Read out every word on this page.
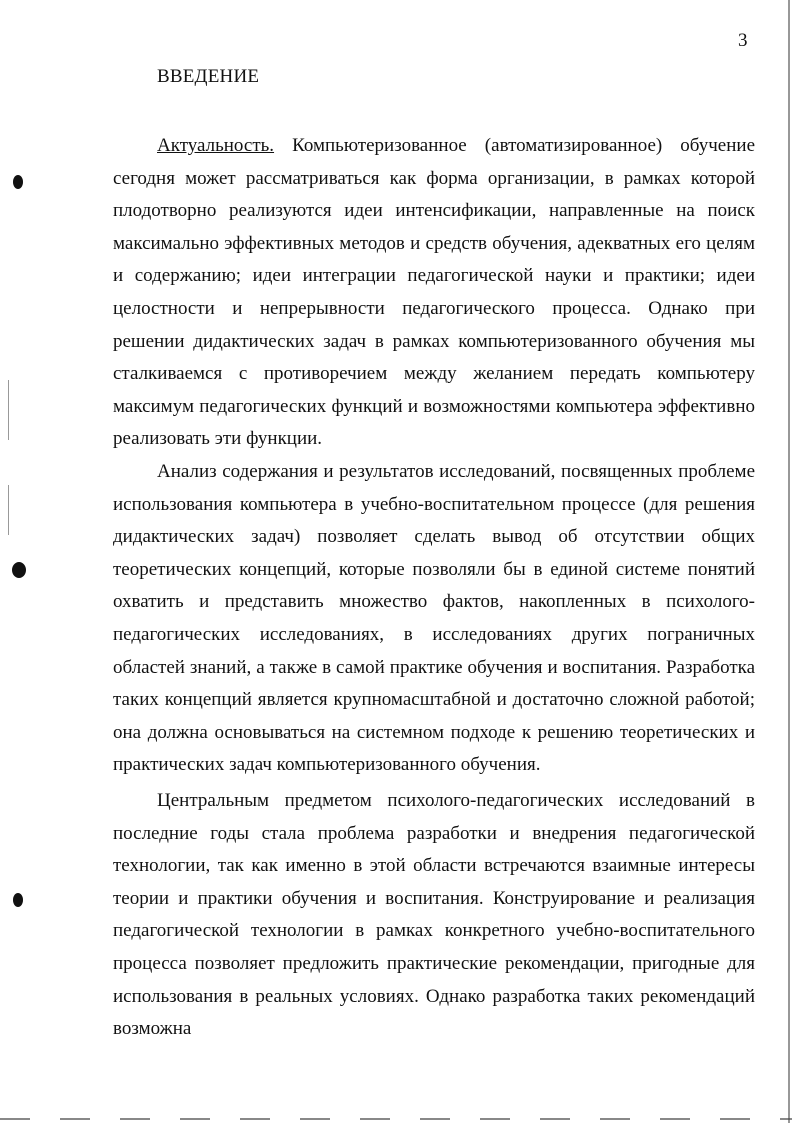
3
ВВЕДЕНИЕ

Актуальность. Компьютеризованное (автоматизированное) обучение сегодня может рассматриваться как форма организации, в рамках которой плодотворно реализуются идеи интенсификации, направленные на поиск максимально эффективных методов и средств обучения, адекватных его целям и содержанию; идеи интеграции педагогической науки и практики; идеи целостности и непрерывности педагогического процесса. Однако при решении дидактических задач в рамках компьютеризованного обучения мы сталкиваемся с противоречием между желанием передать компьютеру максимум педагогических функций и возможностями компьютера эффективно реализовать эти функции.

Анализ содержания и результатов исследований, посвященных проблеме использования компьютера в учебно-воспитательном процессе (для решения дидактических задач) позволяет сделать вывод об отсутствии общих теоретических концепций, которые позволяли бы в единой системе понятий охватить и представить множество фактов, накопленных в психолого-педагогических исследованиях, в исследованиях других пограничных областей знаний, а также в самой практике обучения и воспитания. Разработка таких концепций является крупномасштабной и достаточно сложной работой; она должна основываться на системном подходе к решению теоретических и практических задач компьютеризованного обучения.

Центральным предметом психолого-педагогических исследований в последние годы стала проблема разработки и внедрения педагогической технологии, так как именно в этой области встречаются взаимные интересы теории и практики обучения и воспитания. Конструирование и реализация педагогической технологии в рамках конкретного учебно-воспитательного процесса позволяет предложить практические рекомендации, пригодные для использования в реальных условиях. Однако разработка таких рекомендаций возможна
